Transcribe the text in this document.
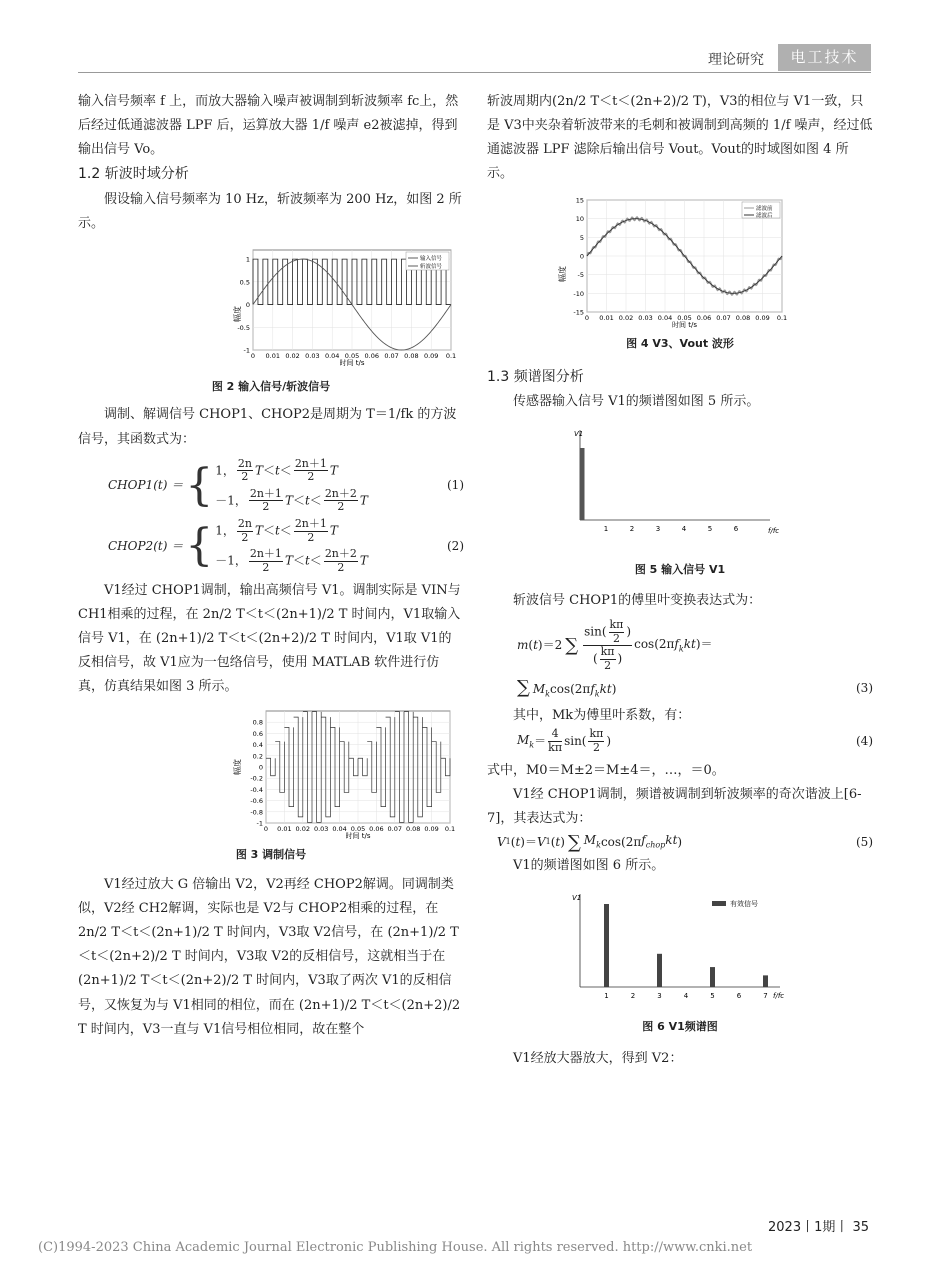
理论研究	电工技术

输入信号频率 f 上，而放大器输入噪声被调制到斩波频率 fc上，然后经过低通滤波器 LPF 后，运算放大器 1/f 噪声 e2被滤掉，得到输出信号 Vo。

1.2 斩波时域分析

假设输入信号频率为 10 Hz，斩波频率为 200 Hz，如图 2 所示。

幅度
0 0.01 0.02 0.03 0.04 0.05 0.06 0.07 0.08 0.09 0.1
-1
-0.5
0
0.5
1
时间 t/s
输入信号
斩波信号

图 2 输入信号/斩波信号

调制、解调信号 CHOP1、CHOP2是周期为 T＝1/fk 的方波信号，其函数式为：

CHOP1(t) ＝ { 1， $\frac{2n}{2} T<t< \frac{2n+1}{2}$ T
－1， $\frac{2n+1}{2} T<t< \frac{2n+2}{2}$ T
(1)
CHOP2(t) ＝ { 1， $\frac{2n}{2} T<t< \frac{2n+1}{2}$ T
－1， $\frac{2n+1}{2} T<t< \frac{2n+2}{2}$ T
(2)

V1经过 CHOP1调制，输出高频信号 V1。调制实际是 VIN与 CH1相乘的过程，在 2n/2 T＜t＜(2n+1)/2 T 时间内，V1取输入信号 V1，在 (2n+1)/2 T＜t＜(2n+2)/2 T 时间内，V1取 V1的反相信号，故 V1应为一包络信号，使用 MATLAB 软件进行仿真，仿真结果如图 3 所示。

幅度
0 0.01 0.02 0.03 0.04 0.05 0.06 0.07 0.08 0.09 0.1
-1
-0.8
-0.6
-0.4
-0.2
0
0.2
0.4
0.6
0.8
时间 t/s

图 3 调制信号

V1经过放大 G 倍输出 V2，V2再经 CHOP2解调。同调制类似，V2经 CH2解调，实际也是 V2与 CHOP2相乘的过程，在 2n/2 T＜t＜(2n+1)/2 T 时间内，V3取 V2信号，在 (2n+1)/2 T＜t＜(2n+2)/2 T 时间内，V3取 V2的反相信号，这就相当于在 (2n+1)/2 T＜t＜(2n+2)/2 T 时间内，V3取了两次 V1的反相信号，又恢复为与 V1相同的相位，而在 (2n+1)/2 T＜t＜(2n+2)/2 T 时间内，V3一直与 V1信号相位相同，故在整个

斩波周期内(2n/2 T＜t＜(2n+2)/2 T)，V3的相位与 V1一致，只是 V3中夹杂着斩波带来的毛刺和被调制到高频的 1/f 噪声，经过低通滤波器 LPF 滤除后输出信号 Vout。Vout的时域图如图 4 所示。

幅度
0 0.01 0.02 0.03 0.04 0.05 0.06 0.07 0.08 0.09 0.1
-15
-10
-5
0
5
10
15
时间 t/s
滤波前
滤波后

图 4 V3、Vout 波形

1.3 频谱图分析

传感器输入信号 V1的频谱图如图 5 所示。

V1
1	2	3	4	5	6	f/fc

图 5 输入信号 V1

斩波信号 CHOP1的傅里叶变换表达式为：

m ( t )＝2 ∑ $\frac{\sin( \frac{k\pi}{2} )}{( \frac{k\pi}{2} )} \cos(2\pi f_kkt)=$
∑ $M_k\cos(2\pi f_kkt)$	(3)

其中，Mk为傅里叶系数，有：

$M_k = \frac{4}{k\pi} \sin( \frac{k\pi}{2}$ )	(4)

式中，M0＝M±2＝M±4＝，…，＝0。

V1经 CHOP1调制，频谱被调制到斩波频率的奇次谐波上[6-7]，其表达式为：

V 1 ( t )＝ V 1 ( t ) ∑ $M_k$ cos(2π $f_{chop}kt$ )	(5)

V1的频谱图如图 6 所示。

V1
1	2	3	4	5	6	7 f/fc
有效信号

图 6 V1频谱图

V1经放大器放大，得到 V2：

2023丨1期丨 35
(C)1994-2023 China Academic Journal Electronic Publishing House. All rights reserved. http://www.cnki.net
